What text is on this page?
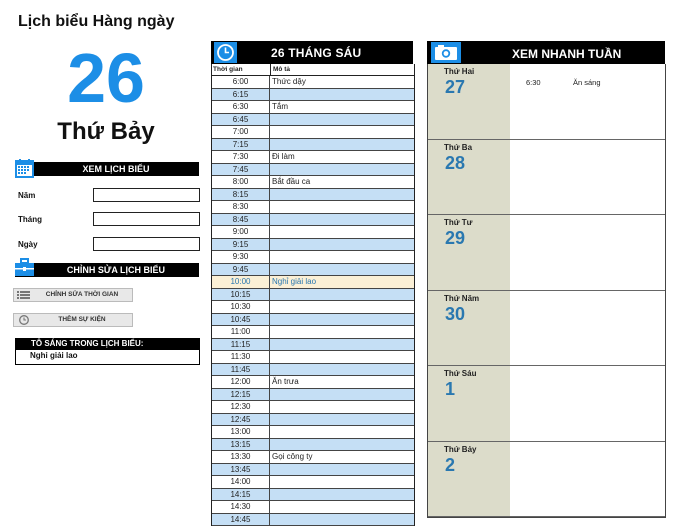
Lịch biểu Hàng ngày
26
Thứ Bảy
XEM LỊCH BIỂU
Năm
Tháng
Ngày
CHỈNH SỬA LỊCH BIỂU
CHỈNH SỬA THỜI GIAN
THÊM SỰ KIỆN
TÔ SÁNG TRONG LỊCH BIỂU:
Nghỉ giải lao
26 THÁNG SÁU
Thời gian	Mô tả
6:00	Thức dậy
6:15
6:30	Tắm
6:45
7:00
7:15
7:30	Đi làm
7:45
8:00	Bắt đầu ca
8:15
8:30
8:45
9:00
9:15
9:30
9:45
10:00	Nghỉ giải lao
10:15
10:30
10:45
11:00
11:15
11:30
11:45
12:00	Ăn trưa
12:15
12:30
12:45
13:00
13:15
13:30	Gọi công ty
13:45
14:00
14:15
14:30
14:45
XEM NHANH TUẦN
Thứ Hai
27	6:30	Ăn sáng
Thứ Ba
28
Thứ Tư
29
Thứ Năm
30
Thứ Sáu
1
Thứ Bảy
2
